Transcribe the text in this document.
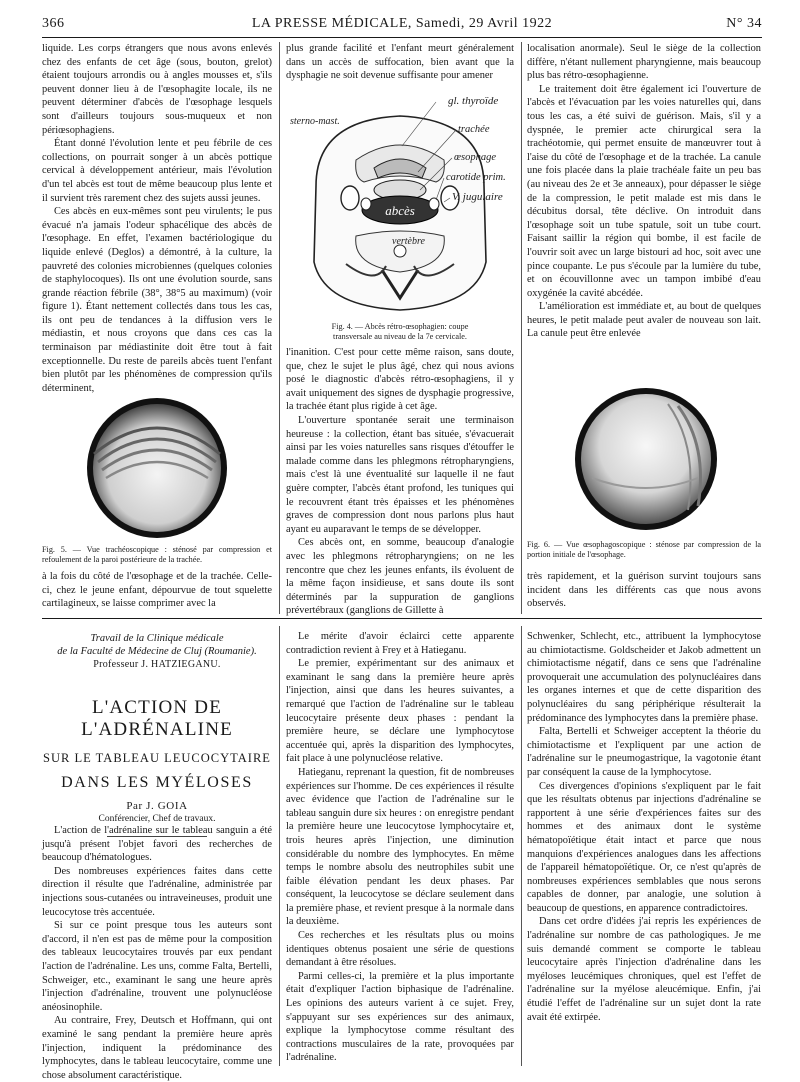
366	LA PRESSE MÉDICALE, Samedi, 29 Avril 1922	N° 34

liquide. Les corps étrangers que nous avons enlevés chez des enfants de cet âge (sous, bouton, grelot) étaient toujours arrondis ou à angles mousses et, s'ils peuvent donner lieu à de l'œsophagite locale, ils ne peuvent déterminer d'abcès de l'œsophage lesquels sont d'ailleurs toujours sous-muqueux et non périœsophagiens.

Étant donné l'évolution lente et peu fébrile de ces collections, on pourrait songer à un abcès pottique cervical à développement antérieur, mais l'évolution d'un tel abcès est tout de même beaucoup plus lente et il survient très rarement chez des sujets aussi jeunes.

Ces abcès en eux-mêmes sont peu virulents; le pus évacué n'a jamais l'odeur sphacélique des abcès de l'œsophage. En effet, l'examen bactériologique du liquide enlevé (Deglos) a démontré, à la culture, la pauvreté des colonies microbiennes (quelques colonies de staphylocoques). Ils ont une évolution sourde, sans grande réaction fébrile (38°, 38°5 au maximum) (voir figure 1). Étant nettement collectés dans tous les cas, ils ont peu de tendances à la diffusion vers le médiastin, et nous croyons que dans ces cas la terminaison par médiastinite doit être tout à fait exceptionnelle. Du reste de pareils abcès tuent l'enfant bien plutôt par les phénomènes de compression qu'ils déterminent,

Fig. 5. — Vue trachéoscopique : sténosé par compression et refoulement de la paroi postérieure de la trachée.

à la fois du côté de l'œsophage et de la trachée. Celle-ci, chez le jeune enfant, dépourvue de tout squelette cartilagineux, se laisse comprimer avec la

plus grande facilité et l'enfant meurt généralement dans un accès de suffocation, bien avant que la dysphagie ne soit devenue suffisante pour amener

abcès
vertèbre
sterno-mast.
gl. thyroïde
trachée
œsophage
carotide prim.
V. jugulaire
Fig. 4. — Abcès rétro-œsophagien: coupe transversale au niveau de la 7e cervicale.

l'inanition. C'est pour cette même raison, sans doute, que, chez le sujet le plus âgé, chez qui nous avions posé le diagnostic d'abcès rétro-œsophagiens, il y avait uniquement des signes de dysphagie progressive, la trachée étant plus rigide à cet âge.

L'ouverture spontanée serait une terminaison heureuse : la collection, étant bas située, s'évacuerait ainsi par les voies naturelles sans risques d'étouffer le malade comme dans les phlegmons rétropharyngiens, mais c'est là une éventualité sur laquelle il ne faut guère compter, l'abcès étant profond, les tuniques qui le recouvrent étant très épaisses et les phénomènes graves de compression dont nous parlons plus haut ayant eu auparavant le temps de se développer.

Ces abcès ont, en somme, beaucoup d'analogie avec les phlegmons rétropharyngiens; on ne les rencontre que chez les jeunes enfants, ils évoluent de la même façon insidieuse, et sans doute ils sont déterminés par la suppuration de ganglions prévertébraux (ganglions de Gillette à

localisation anormale). Seul le siège de la collection diffère, n'étant nullement pharyngienne, mais beaucoup plus bas rétro-œsophagienne.

Le traitement doit être également ici l'ouverture de l'abcès et l'évacuation par les voies naturelles qui, dans tous les cas, a été suivi de guérison. Mais, s'il y a dyspnée, le premier acte chirurgical sera la trachéotomie, qui permet ensuite de manœuvrer tout à l'aise du côté de l'œsophage et de la trachée. La canule une fois placée dans la plaie trachéale faite un peu bas (au niveau des 2e et 3e anneaux), pour dépasser le siège de la compression, le petit malade est mis dans le décubitus dorsal, tête déclive. On introduit dans l'œsophage soit un tube spatule, soit un tube court. Faisant saillir la région qui bombe, il est facile de l'ouvrir soit avec un large bistouri ad hoc, soit avec une pince coupante. Le pus s'écoule par la lumière du tube, et on écouvillonne avec un tampon imbibé d'eau oxygénée la cavité abcédée.

L'amélioration est immédiate et, au bout de quelques heures, le petit malade peut avaler de nouveau son lait. La canule peut être enlevée

Fig. 6. — Vue œsophagoscopique : sténose par compression de la portion initiale de l'œsophage.

très rapidement, et la guérison survint toujours sans incident dans les différents cas que nous avons observés.

Travail de la Clinique médicale
de la Faculté de Médecine de Cluj (Roumanie).
Professeur J. HATZIEGANU.
L'ACTION DE L'ADRÉNALINE
SUR LE TABLEAU LEUCOCYTAIRE
DANS LES MYÉLOSES
Par J. GOIA
Conférencier, Chef de travaux.

L'action de l'adrénaline sur le tableau sanguin a été jusqu'à présent l'objet favori des recherches de beaucoup d'hématologues.

Des nombreuses expériences faites dans cette direction il résulte que l'adrénaline, administrée par injections sous-cutanées ou intraveineuses, produit une leucocytose très accentuée.

Si sur ce point presque tous les auteurs sont d'accord, il n'en est pas de même pour la composition des tableaux leucocytaires trouvés par eux pendant l'action de l'adrénaline. Les uns, comme Falta, Bertelli, Schweiger, etc., examinant le sang une heure après l'injection d'adrénaline, trouvent une polynucléose anéosinophile.

Au contraire, Frey, Deutsch et Hoffmann, qui ont examiné le sang pendant la première heure après l'injection, indiquent la prédominance des lymphocytes, dans le tableau leucocytaire, comme une chose absolument caractéristique.

Le mérite d'avoir éclairci cette apparente contradiction revient à Frey et à Hatieganu.

Le premier, expérimentant sur des animaux et examinant le sang dans la première heure après l'injection, ainsi que dans les heures suivantes, a remarqué que l'action de l'adrénaline sur le tableau leucocytaire présente deux phases : pendant la première heure, se déclare une lymphocytose accentuée qui, après la disparition des lymphocytes, fait place à une polynucléose relative.

Hatieganu, reprenant la question, fit de nombreuses expériences sur l'homme. De ces expériences il résulte avec évidence que l'action de l'adrénaline sur le tableau sanguin dure six heures : on enregistre pendant la première heure une leucocytose lymphocytaire et, trois heures après l'injection, une diminution considérable du nombre des lymphocytes. En même temps le nombre absolu des neutrophiles subit une faible élévation pendant les deux phases. Par conséquent, la leucocytose se déclare seulement dans la première phase, et revient presque à la normale dans la deuxième.

Ces recherches et les résultats plus ou moins identiques obtenus posaient une série de questions demandant à être résolues.

Parmi celles-ci, la première et la plus importante était d'expliquer l'action biphasique de l'adrénaline. Les opinions des auteurs varient à ce sujet. Frey, s'appuyant sur ses expériences sur des animaux, explique la lymphocytose comme résultant des contractions musculaires de la rate, provoquées par l'adrénaline.

Schwenker, Schlecht, etc., attribuent la lymphocytose au chimiotactisme. Goldscheider et Jakob admettent un chimiotactisme négatif, dans ce sens que l'adrénaline provoquerait une accumulation des polynucléaires dans les organes internes et que de cette disparition des polynucléaires du sang périphérique résulterait la prédominance des lymphocytes dans la première phase.

Falta, Bertelli et Schweiger acceptent la théorie du chimiotactisme et l'expliquent par une action de l'adrénaline sur le pneumogastrique, la vagotonie étant par conséquent la cause de la lymphocytose.

Ces divergences d'opinions s'expliquent par le fait que les résultats obtenus par injections d'adrénaline se rapportent à une série d'expériences faites sur des hommes et des animaux dont le système hématopoïétique était intact et parce que nous manquions d'expériences analogues dans les affections de l'appareil hématopoïétique. Or, ce n'est qu'après de nombreuses expériences semblables que nous serons capables de donner, par analogie, une solution à beaucoup de questions, en apparence contradictoires.

Dans cet ordre d'idées j'ai repris les expériences de l'adrénaline sur nombre de cas pathologiques. Je me suis demandé comment se comporte le tableau leucocytaire après l'injection d'adrénaline dans les myéloses leucémiques chroniques, quel est l'effet de l'adrénaline sur la myélose aleucémique. Enfin, j'ai étudié l'effet de l'adrénaline sur un sujet dont la rate avait été extirpée.
